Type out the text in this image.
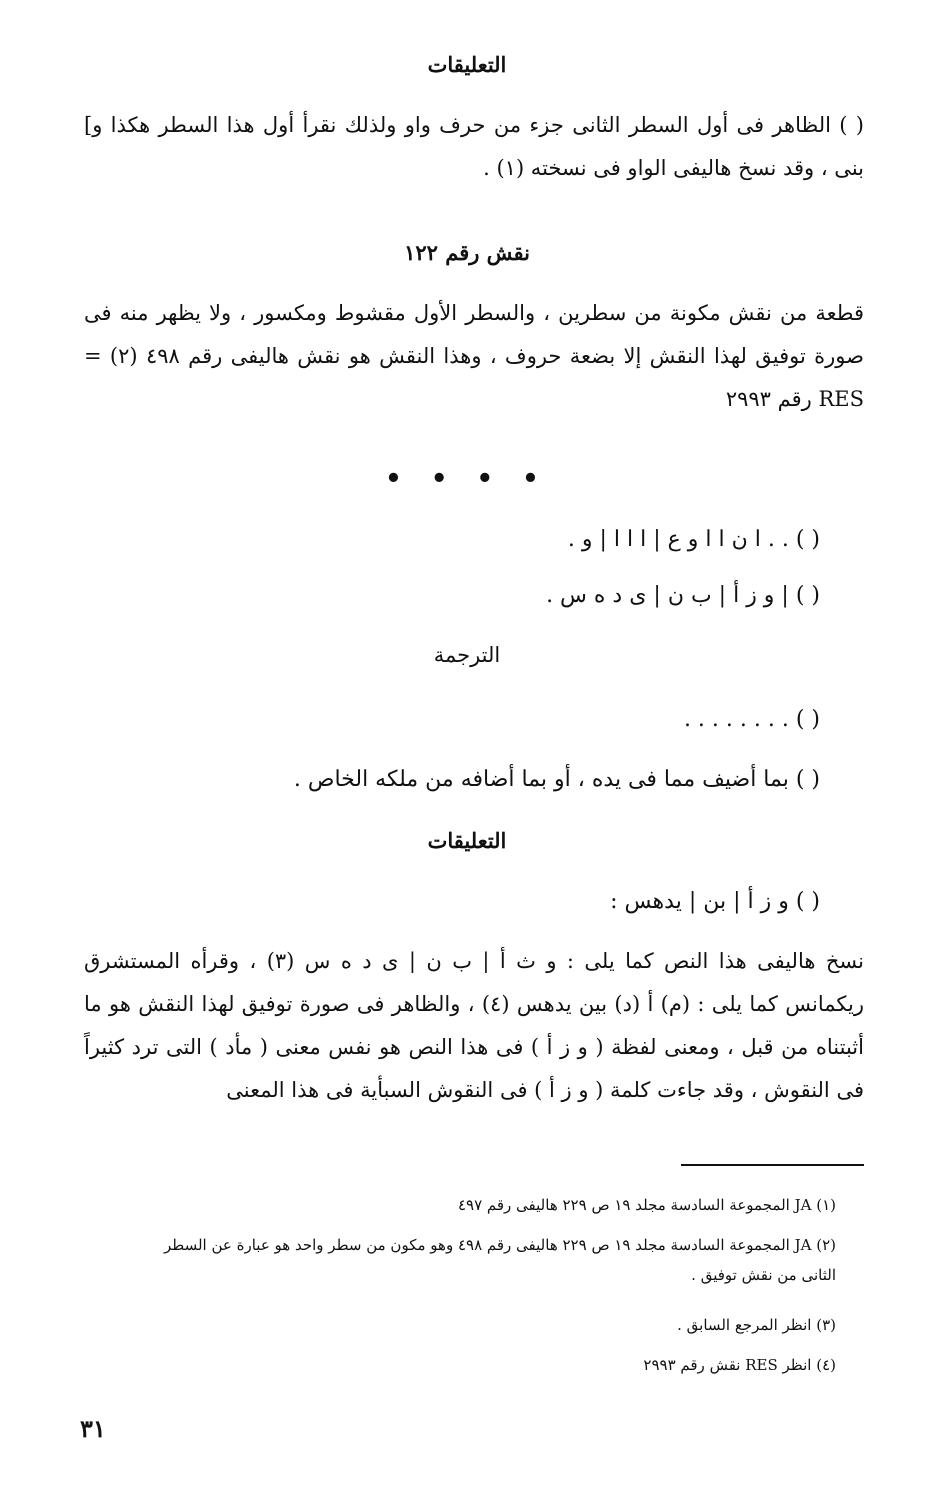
التعليقات
( ) الظاهر فى أول السطر الثانى جزء من حرف واو ولذلك نقرأ أول هذا السطر هكذا و] بنى ، وقد نسخ هاليفى الواو فى نسخته (١) .
نقش رقم ١٢٢
قطعة من نقش مكونة من سطرين ، والسطر الأول مقشوط ومكسور ، ولا يظهر منه فى صورة توفيق لهذا النقش إلا بضعة حروف ، وهذا النقش هو نقش هاليفى رقم ٤٩٨ (٢) = RES رقم ٢٩٩٣
• • • •
( ) . . ا ن ا ا و ع | ا ا ا | و .
( ) | و ز أ | ب ن | ى د ه س .
الترجمة
( ) . . . . . . . .
( ) بما أضيف مما فى يده ، أو بما أضافه من ملكه الخاص .
التعليقات
( ) و ز أ | بن | يدهس :
نسخ هاليفى هذا النص كما يلى : و ث أ | ب ن | ى د ه س (٣) ، وقرأه المستشرق ريكمانس كما يلى : (م) أ (د) بين يدهس (٤) ، والظاهر فى صورة توفيق لهذا النقش هو ما أثبتناه من قبل ، ومعنى لفظة ( و ز أ ) فى هذا النص هو نفس معنى ( مأد ) التى ترد كثيراً فى النقوش ، وقد جاءت كلمة ( و ز أ ) فى النقوش السبأية فى هذا المعنى
(١) JA المجموعة السادسة مجلد ١٩ ص ٢٢٩ هاليفى رقم ٤٩٧
(٢) JA المجموعة السادسة مجلد ١٩ ص ٢٢٩ هاليفى رقم ٤٩٨ وهو مكون من سطر واحد هو عبارة عن السطر الثانى من نقش توفيق .
(٣) انظر المرجع السابق .
(٤) انظر RES نقش رقم ٢٩٩٣
٣١
